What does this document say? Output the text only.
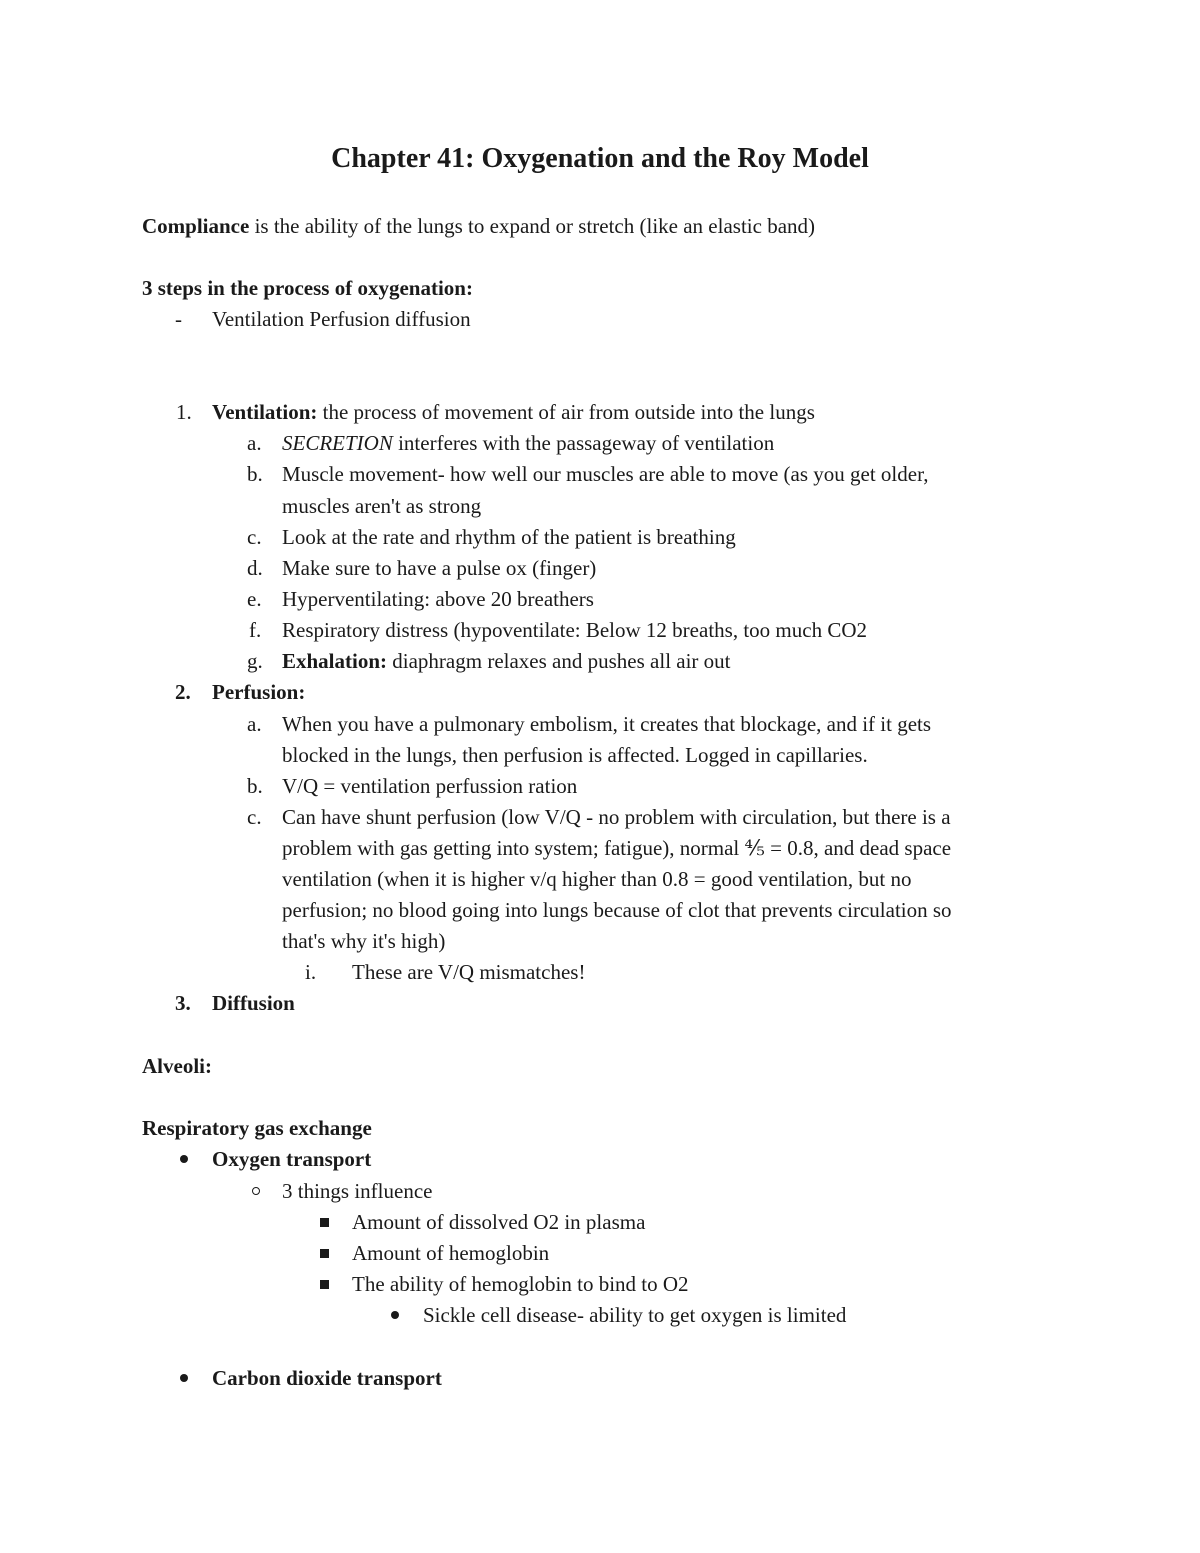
Chapter 41: Oxygenation and the Roy Model
Compliance is the ability of the lungs to expand or stretch (like an elastic band)
3 steps in the process of oxygenation:
- Ventilation Perfusion diffusion
1. Ventilation: the process of movement of air from outside into the lungs
a. SECRETION interferes with the passageway of ventilation
b. Muscle movement- how well our muscles are able to move (as you get older,
muscles aren't as strong
c. Look at the rate and rhythm of the patient is breathing
d. Make sure to have a pulse ox (finger)
e. Hyperventilating: above 20 breathers
f. Respiratory distress (hypoventilate: Below 12 breaths, too much CO2
g. Exhalation: diaphragm relaxes and pushes all air out
2. Perfusion:
a. When you have a pulmonary embolism, it creates that blockage, and if it gets
blocked in the lungs, then perfusion is affected. Logged in capillaries.
b. V/Q = ventilation perfussion ration
c. Can have shunt perfusion (low V/Q - no problem with circulation, but there is a
problem with gas getting into system; fatigue), normal ⅘ = 0.8, and dead space
ventilation (when it is higher v/q higher than 0.8 = good ventilation, but no
perfusion; no blood going into lungs because of clot that prevents circulation so
that's why it's high)
i. These are V/Q mismatches!
3. Diffusion
Alveoli:
Respiratory gas exchange
Oxygen transport
3 things influence
Amount of dissolved O2 in plasma
Amount of hemoglobin
The ability of hemoglobin to bind to O2
Sickle cell disease- ability to get oxygen is limited
Carbon dioxide transport
